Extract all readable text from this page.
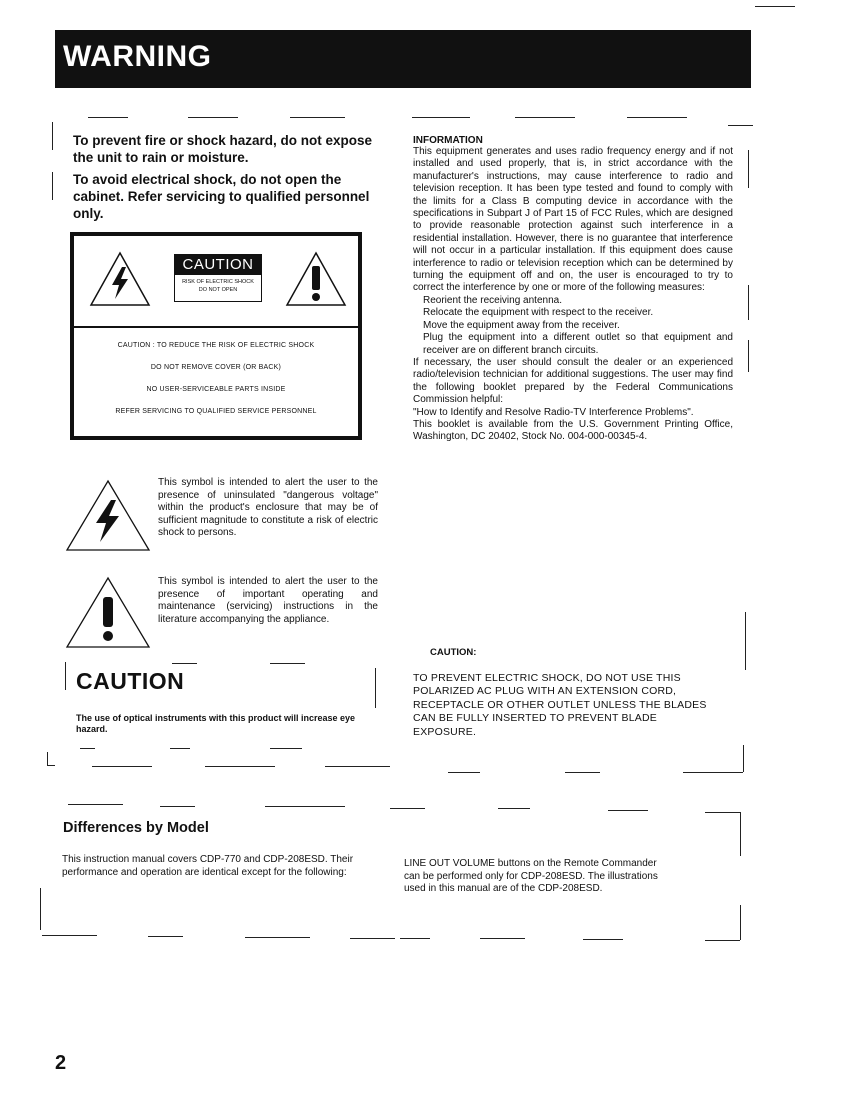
WARNING

To prevent fire or shock hazard, do not expose the unit to rain or moisture.

To avoid electrical shock, do not open the cabinet. Refer servicing to qualified personnel only.

CAUTION
RISK OF ELECTRIC SHOCK
DO NOT OPEN
CAUTION : TO REDUCE THE RISK OF ELECTRIC SHOCK
DO NOT REMOVE COVER (OR BACK)
NO USER-SERVICEABLE PARTS INSIDE
REFER SERVICING TO QUALIFIED SERVICE PERSONNEL
This symbol is intended to alert the user to the presence of uninsulated "dangerous voltage" within the product's enclosure that may be of sufficient magnitude to constitute a risk of electric shock to persons.
This symbol is intended to alert the user to the presence of important operating and maintenance (servicing) instructions in the literature accompanying the appliance.
CAUTION
The use of optical instruments with this product will increase eye hazard.
INFORMATION
This equipment generates and uses radio frequency energy and if not installed and used properly, that is, in strict accordance with the manufacturer's instructions, may cause interference to radio and television reception. It has been type tested and found to comply with the limits for a Class B computing device in accordance with the specifications in Subpart J of Part 15 of FCC Rules, which are designed to provide reasonable protection against such interference in a residential installation. However, there is no guarantee that interference will not occur in a particular installation. If this equipment does cause interference to radio or television reception which can be determined by turning the equipment off and on, the user is encouraged to try to correct the interference by one or more of the following measures:
Reorient the receiving antenna.
Relocate the equipment with respect to the receiver.
Move the equipment away from the receiver.
Plug the equipment into a different outlet so that equipment and receiver are on different branch circuits.
If necessary, the user should consult the dealer or an experienced radio/television technician for additional suggestions. The user may find the following booklet prepared by the Federal Communications Commission helpful:
"How to Identify and Resolve Radio-TV Interference Problems".
This booklet is available from the U.S. Government Printing Office, Washington, DC 20402, Stock No. 004-000-00345-4.
CAUTION:
TO PREVENT ELECTRIC SHOCK, DO NOT USE THIS POLARIZED AC PLUG WITH AN EXTENSION CORD, RECEPTACLE OR OTHER OUTLET UNLESS THE BLADES CAN BE FULLY INSERTED TO PREVENT BLADE EXPOSURE.
Differences by Model
This instruction manual covers CDP-770 and CDP-208ESD. Their performance and operation are identical except for the following:
LINE OUT VOLUME buttons on the Remote Commander can be performed only for CDP-208ESD. The illustrations used in this manual are of the CDP-208ESD.
2
